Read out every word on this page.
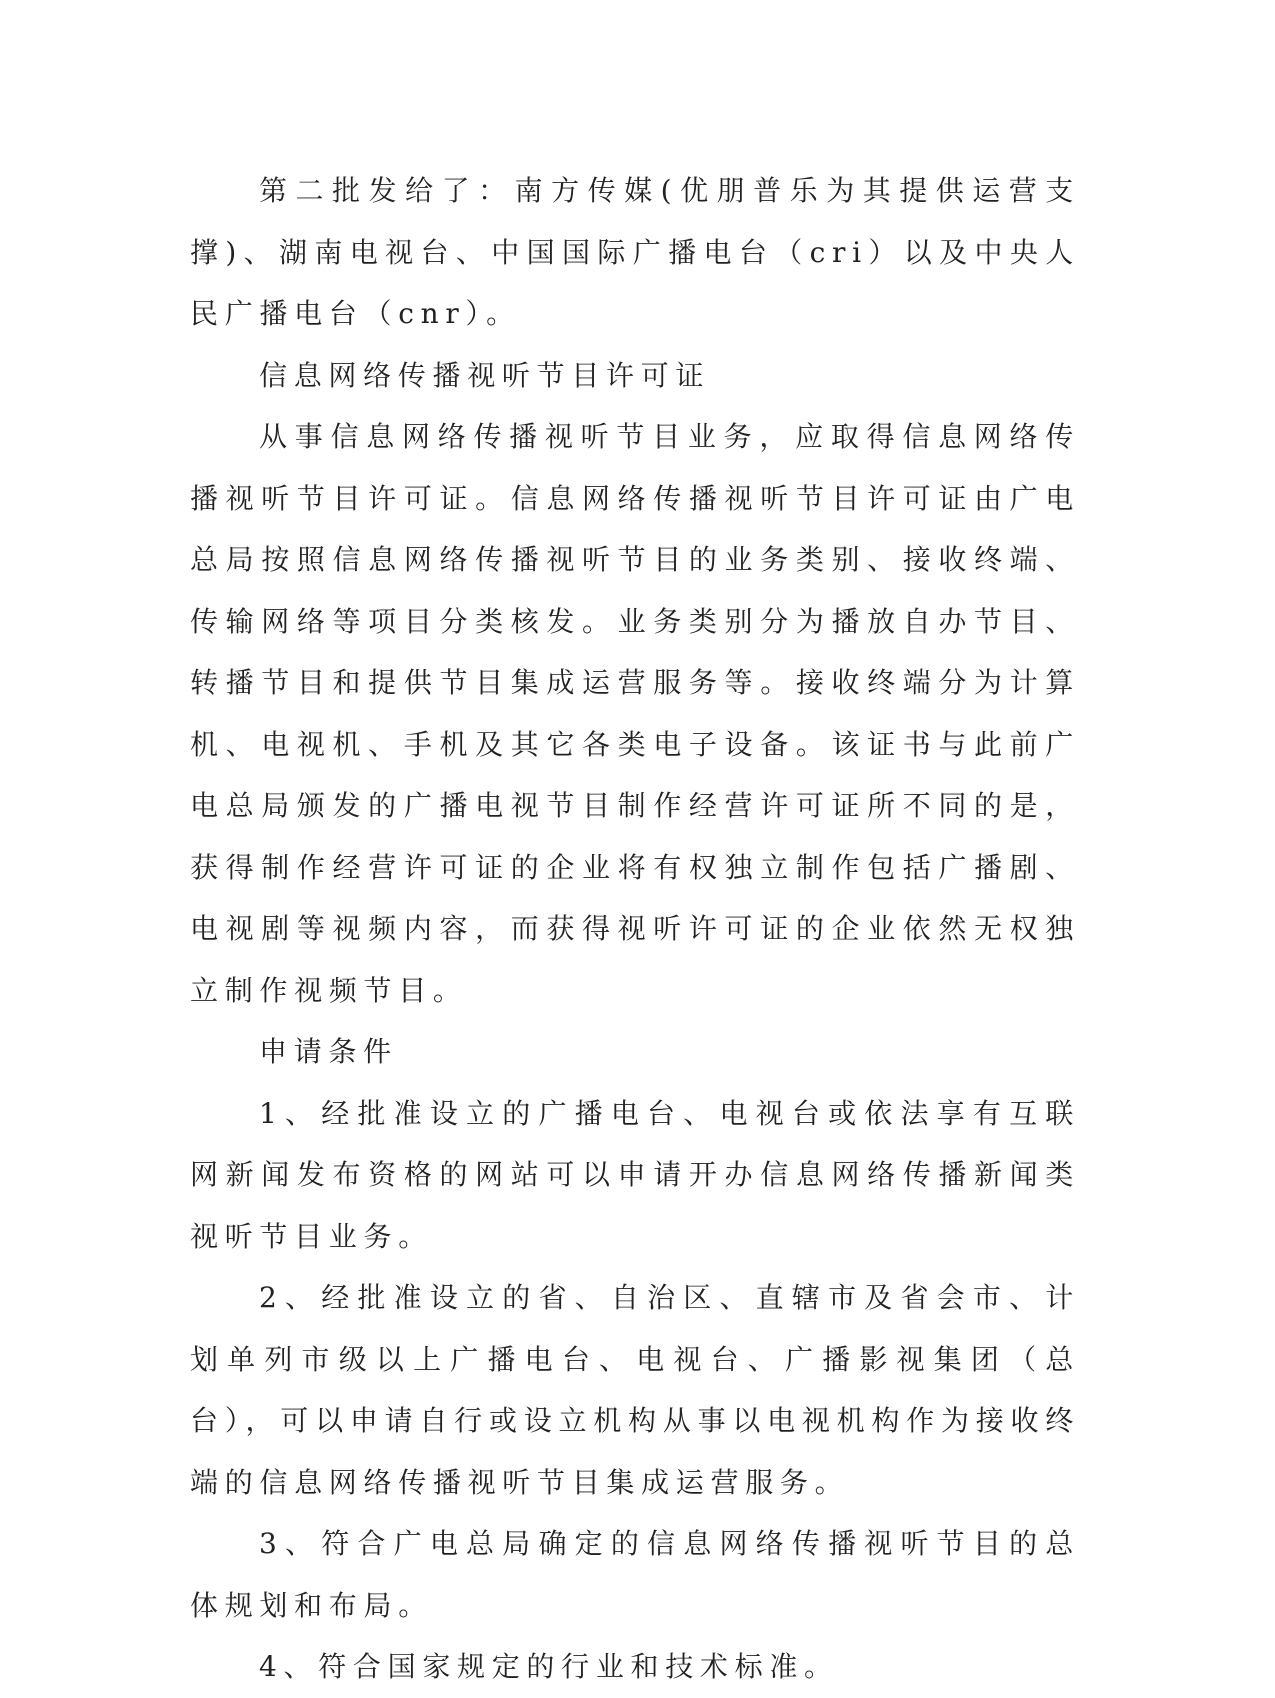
第二批发给了：南方传媒(优朋普乐为其提供运营支撑)、湖南电视台、中国国际广播电台（cri）以及中央人民广播电台（cnr）。

信息网络传播视听节目许可证

从事信息网络传播视听节目业务，应取得信息网络传播视听节目许可证。信息网络传播视听节目许可证由广电总局按照信息网络传播视听节目的业务类别、接收终端、传输网络等项目分类核发。业务类别分为播放自办节目、转播节目和提供节目集成运营服务等。接收终端分为计算机、电视机、手机及其它各类电子设备。该证书与此前广电总局颁发的广播电视节目制作经营许可证所不同的是，获得制作经营许可证的企业将有权独立制作包括广播剧、电视剧等视频内容，而获得视听许可证的企业依然无权独立制作视频节目。

申请条件

1、经批准设立的广播电台、电视台或依法享有互联网新闻发布资格的网站可以申请开办信息网络传播新闻类视听节目业务。

2、经批准设立的省、自治区、直辖市及省会市、计划单列市级以上广播电台、电视台、广播影视集团（总台），可以申请自行或设立机构从事以电视机构作为接收终端的信息网络传播视听节目集成运营服务。

3、符合广电总局确定的信息网络传播视听节目的总体规划和布局。

4、符合国家规定的行业和技术标准。
